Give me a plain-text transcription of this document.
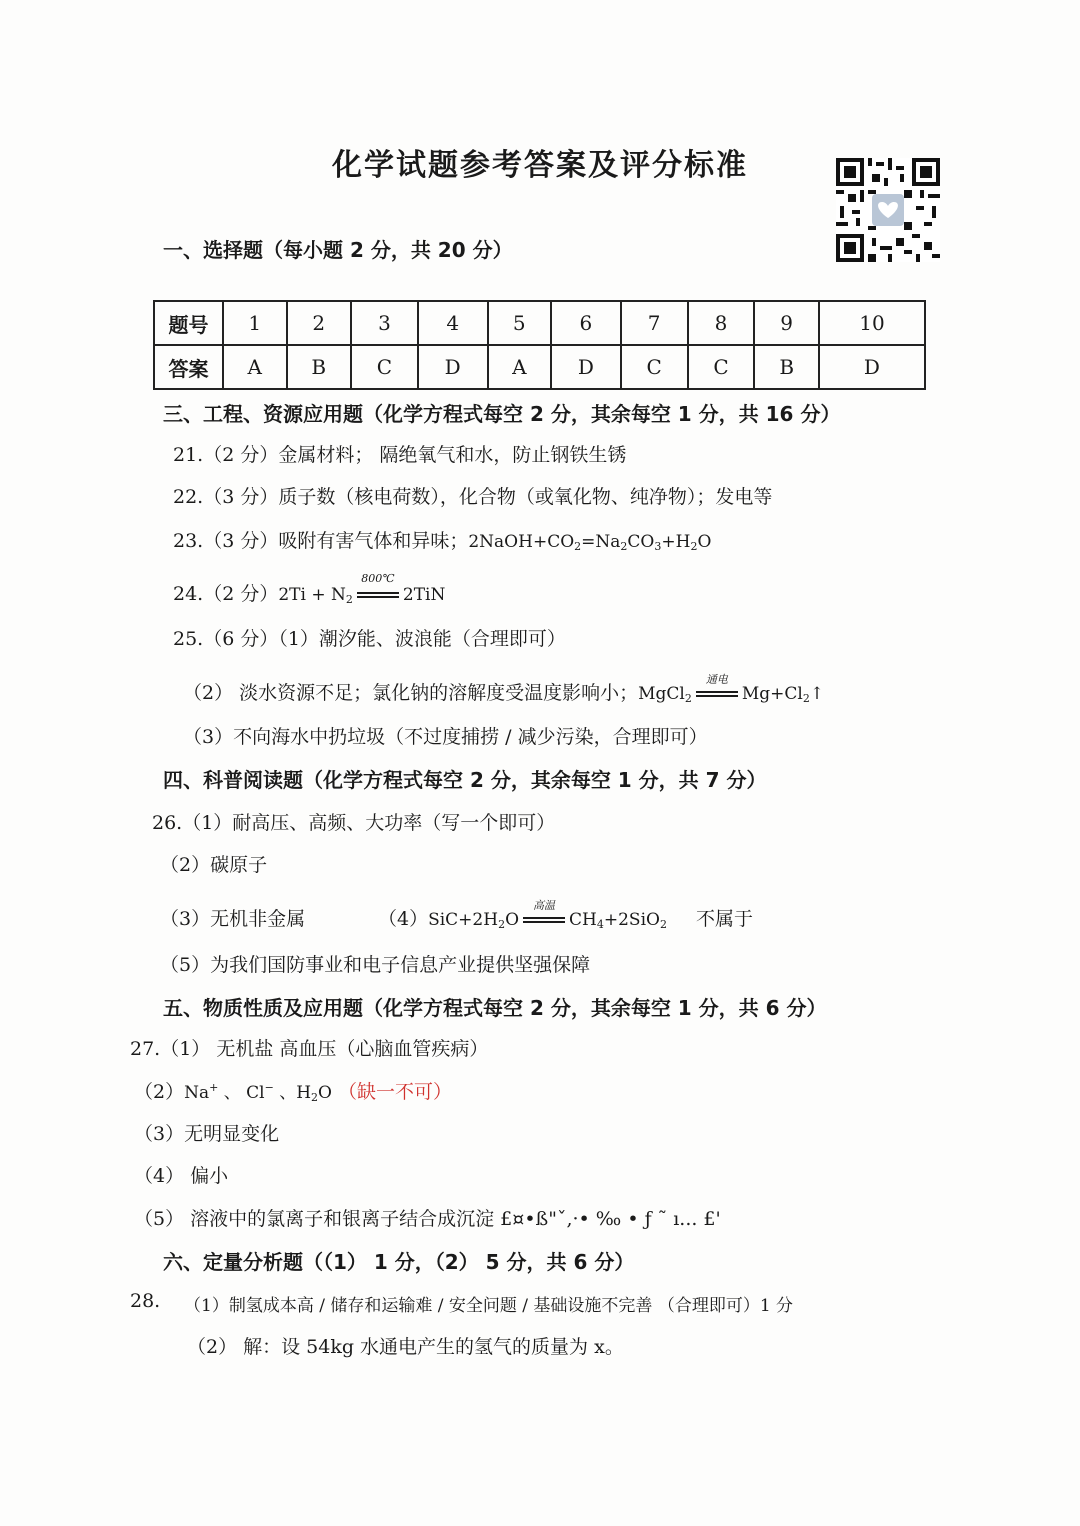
化学试题参考答案及评分标准
一、选择题（每小题 2 分，共 20 分）
题号	1	2	3	4	5	6	7	8	9	10
答案	A	B	C	D	A	D	C	C	B	D
三、工程、资源应用题（化学方程式每空 2 分，其余每空 1 分，共 16 分）
21.（2 分）金属材料； 隔绝氧气和水，防止钢铁生锈
22.（3 分）质子数（核电荷数），化合物（或氧化物、纯净物）；发电等
23.（3 分）吸附有害气体和异味；$2NaOH+CO_2=Na_2CO_3+H_2O$
24.（2 分）$2Ti + N_2$
800℃
2TiN
25.（6 分）（1）潮汐能、波浪能（合理即可）
（2） 淡水资源不足；氯化钠的溶解度受温度影响小；MgCl$_2$
通电
$Mg+Cl_2↑$
（3）不向海水中扔垃圾（不过度捕捞 / 减少污染，合理即可）
四、科普阅读题（化学方程式每空 2 分，其余每空 1 分，共 7 分）
26.（1）耐高压、高频、大功率（写一个即可）
（2）碳原子
（3）无机非金属	$(4)SiC+2H_2O$
高温
$CH_4+2SiO_2$ 不属于
（5）为我们国防事业和电子信息产业提供坚强保障
五、物质性质及应用题（化学方程式每空 2 分，其余每空 1 分，共 6 分）
27.（1） 无机盐 高血压（心脑血管疾病）
（2）Na+ 、 Cl− 、$H_2O$ （缺一不可）
（3）无明显变化
（4） 偏小
（5） 溶液中的氯离子和银离子结合成沉淀 £¤•ß"ˇ,·• ‰ • ƒ ˜ ı... £'
六、定量分析题（（1） 1 分，（2） 5 分，共 6 分）
28. （1）制氢成本高 / 储存和运输难 / 安全问题 / 基础设施不完善 （合理即可）1 分
（2） 解：设 54kg 水通电产生的氢气的质量为 x。
